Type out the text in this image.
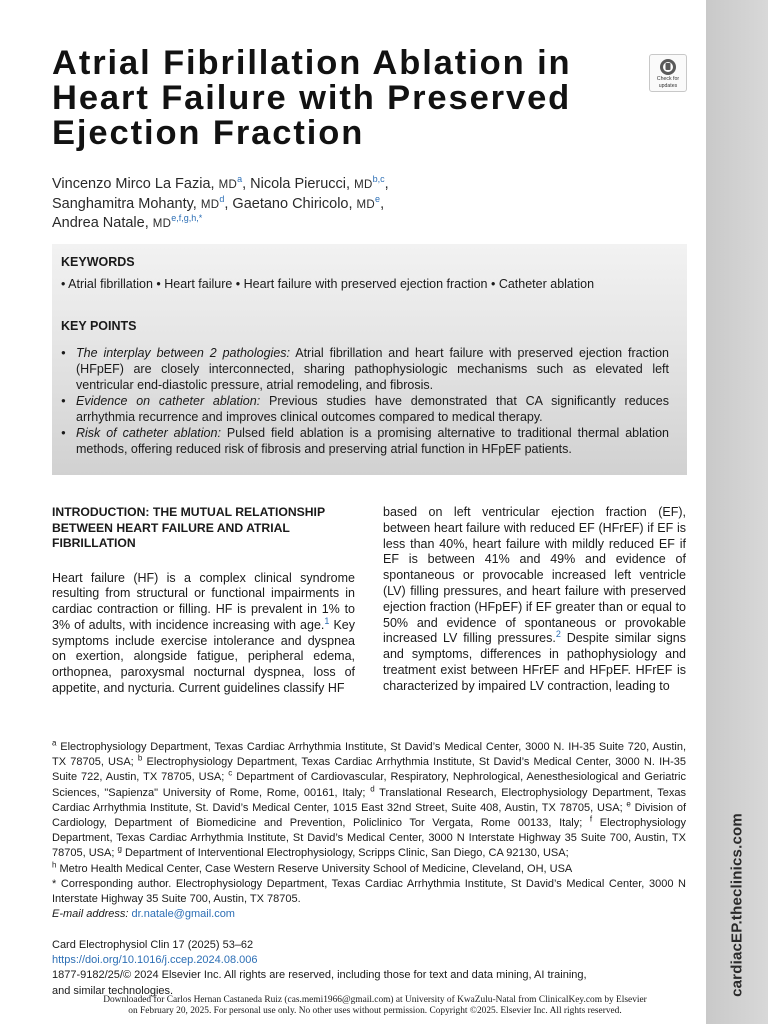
cardiacEP.theclinics.com
Atrial Fibrillation Ablation in Heart Failure with Preserved Ejection Fraction
Check for
updates
Vincenzo Mirco La Fazia, $MD^a$, Nicola Pierucci, MD$^{b,c}$,
Sanghamitra Mohanty, $MD^d$, Gaetano Chiricolo, MDe,
Andrea Natale, $MD^{e,f,g,h,*}$
KEYWORDS
• Atrial fibrillation • Heart failure • Heart failure with preserved ejection fraction • Catheter ablation
KEY POINTS
● The interplay between 2 pathologies: Atrial fibrillation and heart failure with preserved ejection fraction (HFpEF) are closely interconnected, sharing pathophysiologic mechanisms such as elevated left ventricular end-diastolic pressure, atrial remodeling, and fibrosis.
● Evidence on catheter ablation: Previous studies have demonstrated that CA significantly reduces arrhythmia recurrence and improves clinical outcomes compared to medical therapy.
● Risk of catheter ablation: Pulsed field ablation is a promising alternative to traditional thermal ablation methods, offering reduced risk of fibrosis and preserving atrial function in HFpEF patients.
INTRODUCTION: THE MUTUAL RELATIONSHIP BETWEEN HEART FAILURE AND ATRIAL FIBRILLATION

Heart failure (HF) is a complex clinical syndrome resulting from structural or functional impairments in cardiac contraction or filling. HF is prevalent in 1% to 3% of adults, with incidence increasing with age.$^1$ Key symptoms include exercise intolerance and dyspnea on exertion, alongside fatigue, peripheral edema, orthopnea, paroxysmal nocturnal dyspnea, loss of appetite, and nycturia. Current guidelines classify HF

based on left ventricular ejection fraction (EF), between heart failure with reduced EF (HFrEF) if EF is less than 40%, heart failure with mildly reduced EF if EF is between 41% and 49% and evidence of spontaneous or provocable increased left ventricle (LV) filling pressures, and heart failure with preserved ejection fraction (HFpEF) if EF greater than or equal to 50% and evidence of spontaneous or provokable increased LV filling pressures.$^2$ Despite similar signs and symptoms, differences in pathophysiology and treatment exist between HFrEF and HFpEF. HFrEF is characterized by impaired LV contraction, leading to

$^a$ Electrophysiology Department, Texas Cardiac Arrhythmia Institute, St David’s Medical Center, 3000 N. IH-35 Suite 720, Austin, TX 78705, USA; $^b$ Electrophysiology Department, Texas Cardiac Arrhythmia Institute, St David’s Medical Center, 3000 N. IH-35 Suite 722, Austin, TX 78705, USA; $^c$ Department of Cardiovascular, Respiratory, Nephrological, Aenesthesiological and Geriatric Sciences, "Sapienza" University of Rome, Rome, 00161, Italy; $^d$ Translational Research, Electrophysiology Department, Texas Cardiac Arrhythmia Institute, St. David’s Medical Center, 1015 East 32nd Street, Suite 408, Austin, TX 78705, USA; $^e$ Division of Cardiology, Department of Biomedicine and Prevention, Policlinico Tor Vergata, Rome 00133, Italy; $^f$ Electrophysiology Department, Texas Cardiac Arrhythmia Institute, St David’s Medical Center, 3000 N Interstate Highway 35 Suite 700, Austin, TX 78705, USA; $^g$ Department of Interventional Electrophysiology, Scripps Clinic, San Diego, CA 92130, USA;
$^h$ Metro Health Medical Center, Case Western Reserve University School of Medicine, Cleveland, OH, USA
* Corresponding author. Electrophysiology Department, Texas Cardiac Arrhythmia Institute, St David’s Medical Center, 3000 N Interstate Highway 35 Suite 700, Austin, TX 78705.
E-mail address: dr.natale@gmail.com
Card Electrophysiol Clin 17 (2025) 53–62
https://doi.org/10.1016/j.ccep.2024.08.006
1877-9182/25/© 2024 Elsevier Inc. All rights are reserved, including those for text and data mining, AI training,
and similar technologies.
Downloaded for Carlos Hernan Castaneda Ruiz (cas.memi1966@gmail.com) at University of KwaZulu-Natal from ClinicalKey.com by Elsevier
on February 20, 2025. For personal use only. No other uses without permission. Copyright ©2025. Elsevier Inc. All rights reserved.
